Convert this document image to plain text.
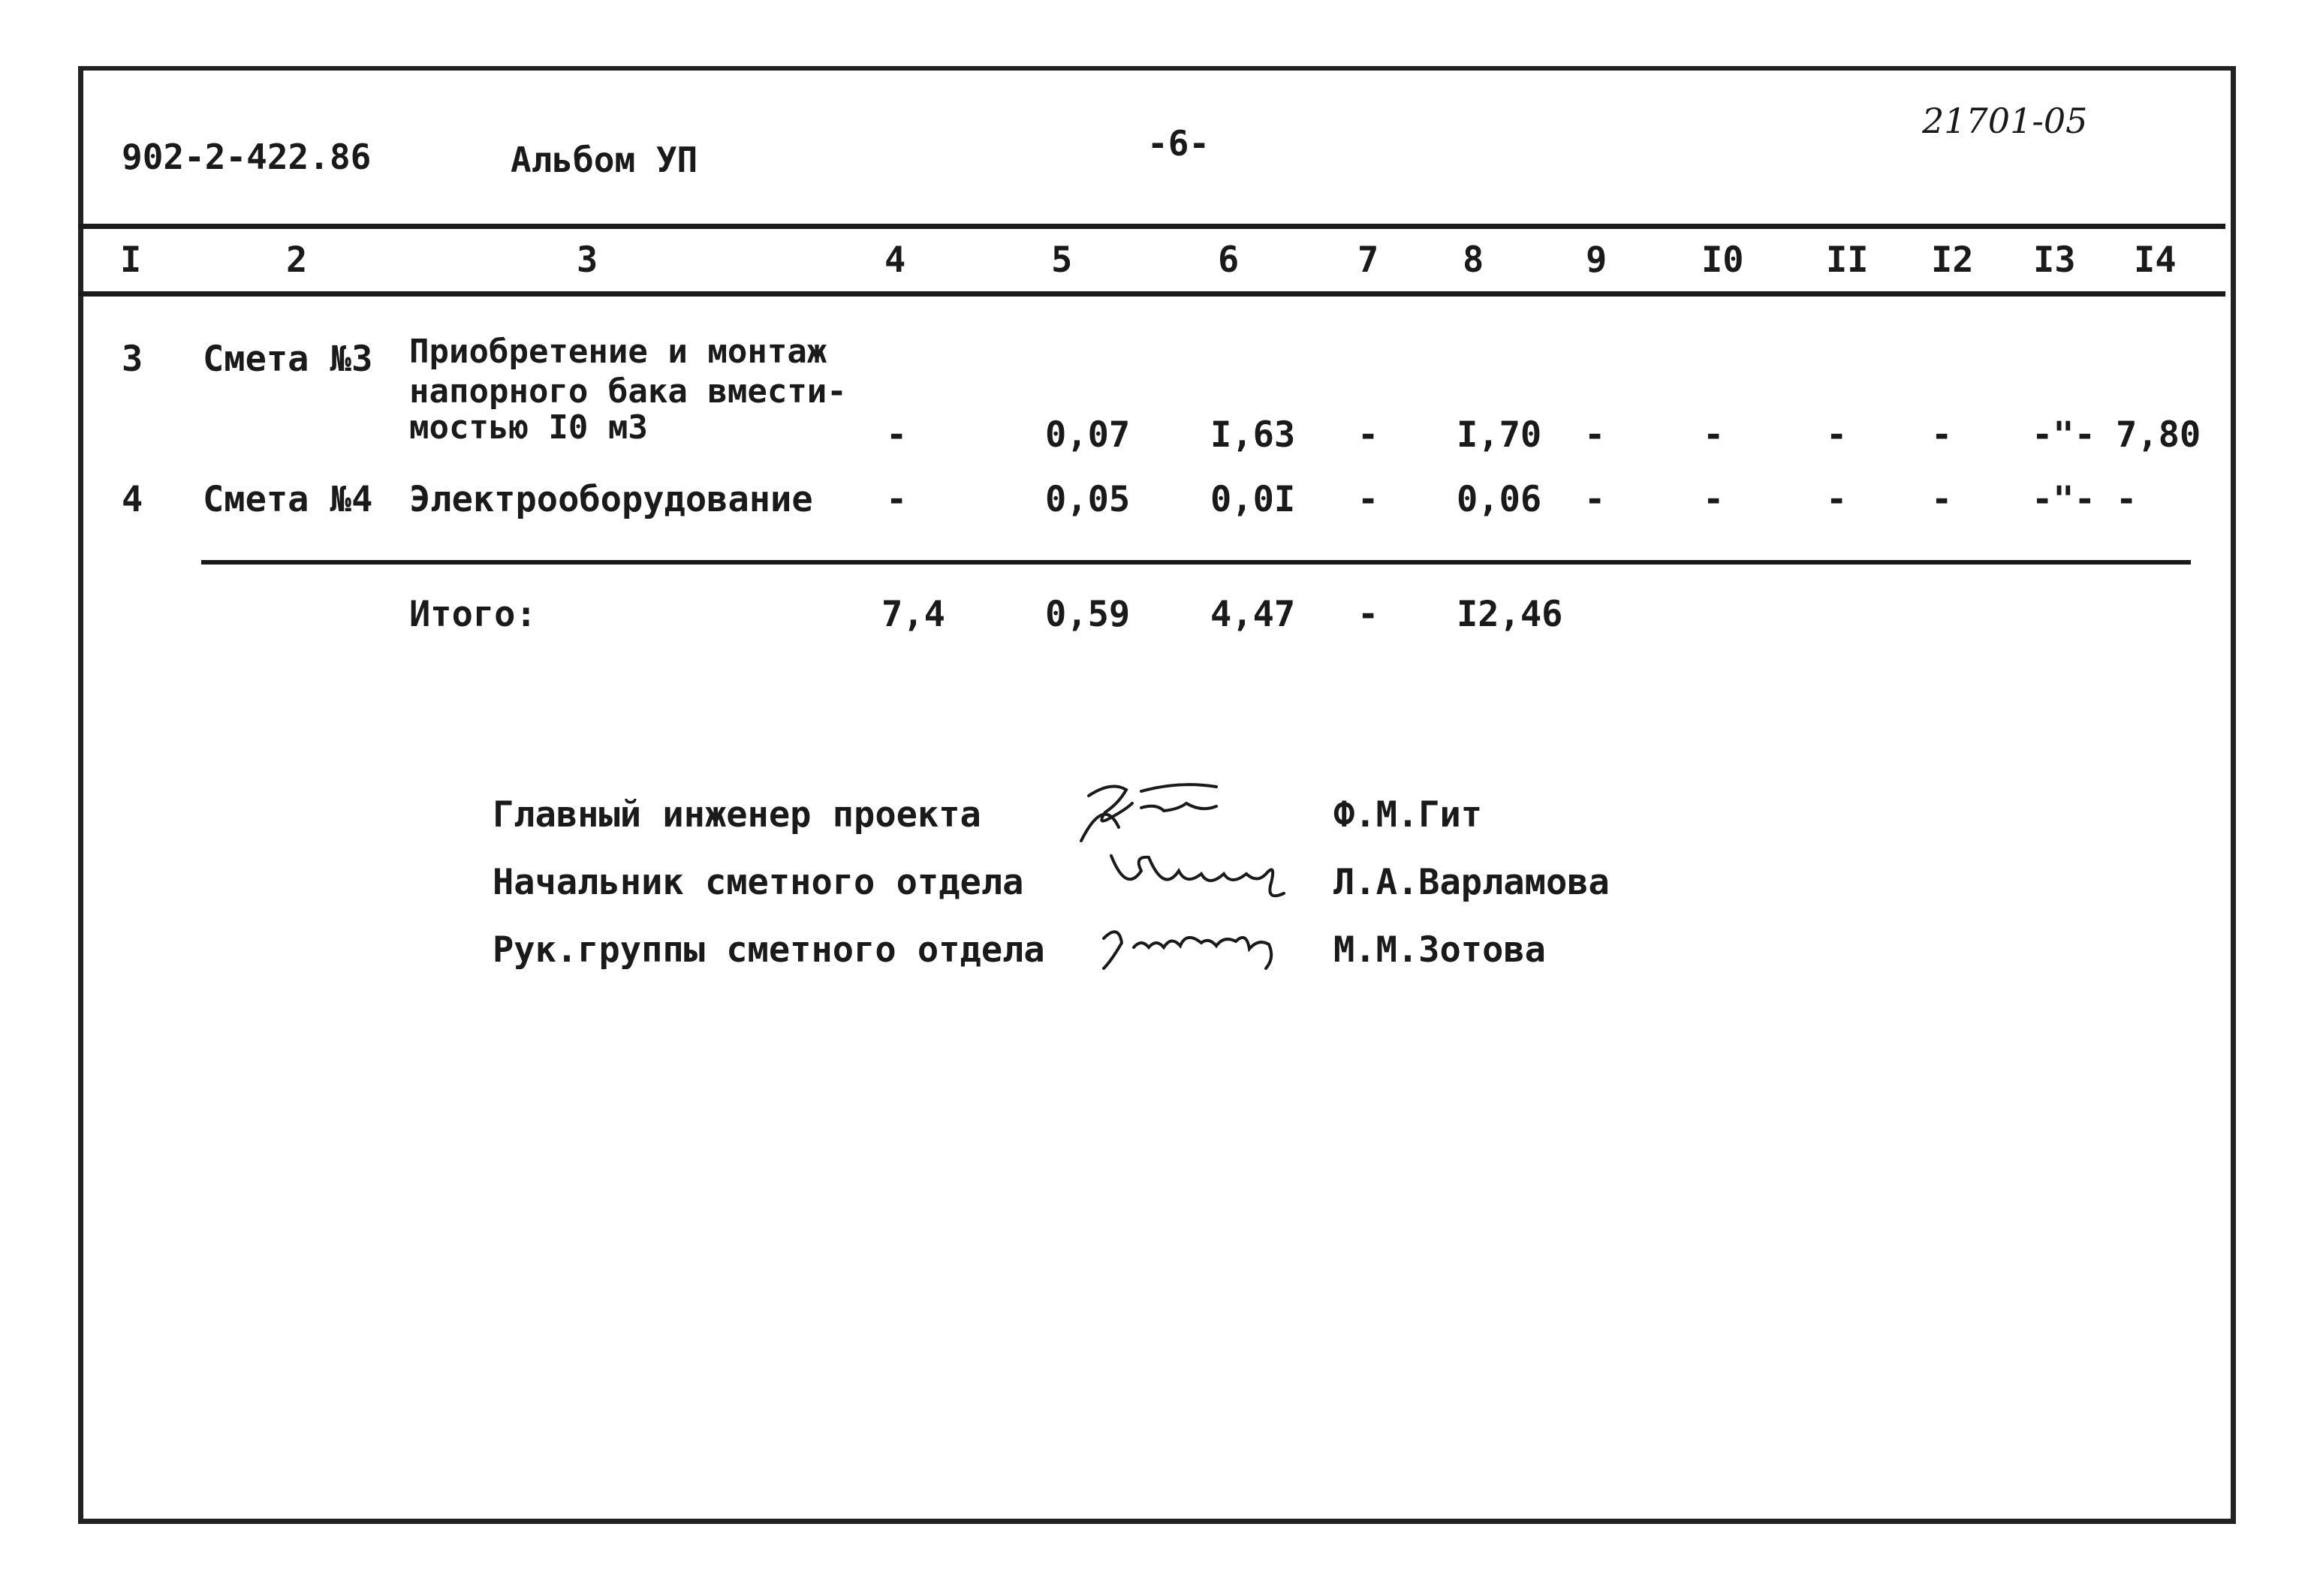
902-2-422.86	Альбом УП	-6-
21701-05
I	2	3	4	5	6	7 8	9	I0 II I2 I3 I4
3 Смета №3 Приобретение и монтаж
напорного бака вмести-
мостью I0 м3	-	0,07 I,63 - I,70 -	-	- - -"- 7,80
4 Смета №4 Электрооборудование -	0,05 0,0I - 0,06 -	-	- - -"- -
Итого:	7,4	0,59 4,47 - I2,46
Главный инженер проекта	Ф.М.Гит
Начальник сметного отдела	Л.А.Варламова
Рук.группы сметного отдела	М.М.Зотова
